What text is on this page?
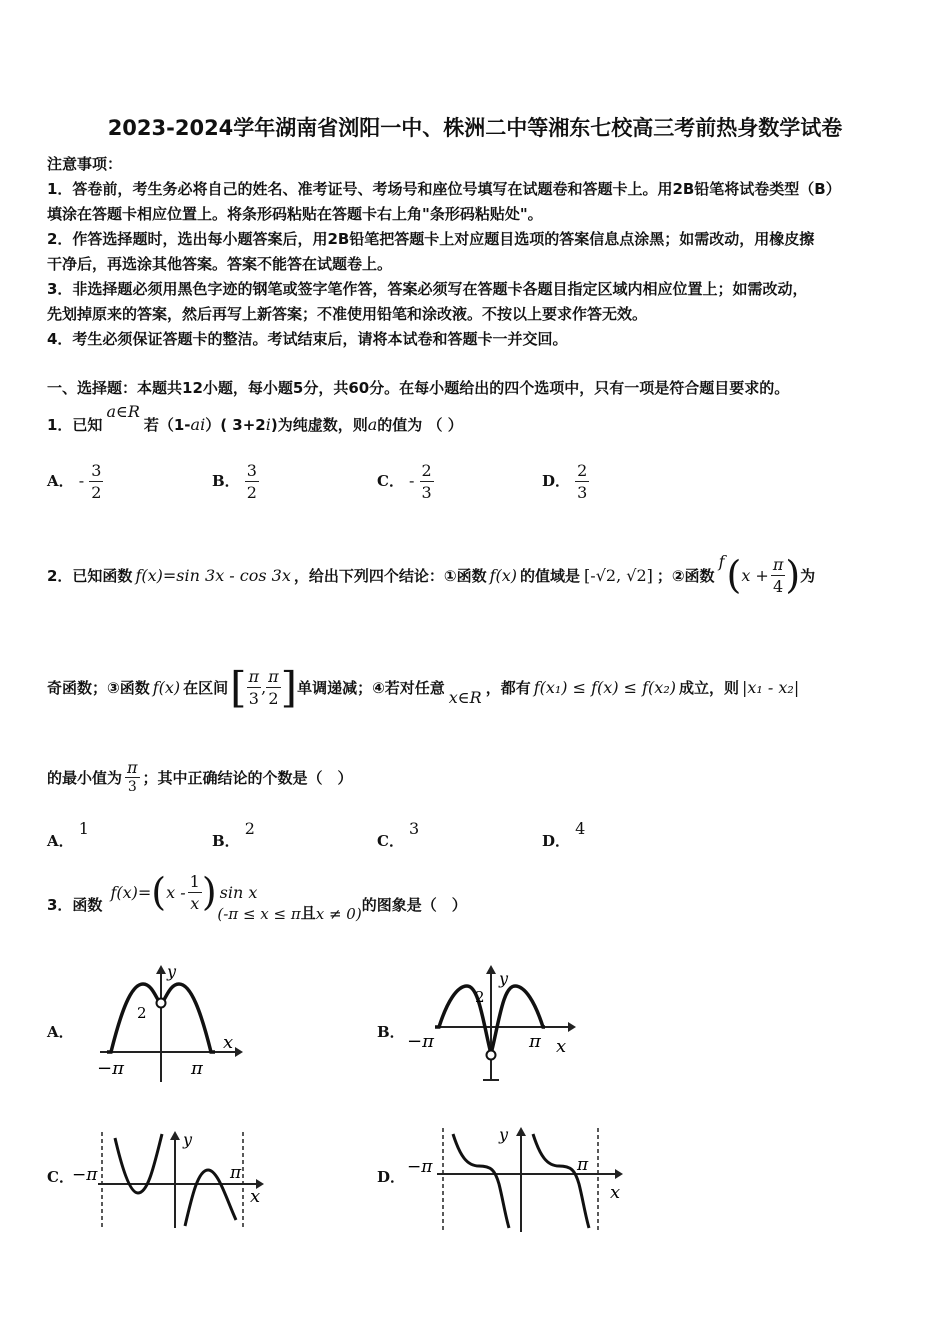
2023-2024学年湖南省浏阳一中、株洲二中等湘东七校高三考前热身数学试卷
注意事项：
1．答卷前，考生务必将自己的姓名、准考证号、考场号和座位号填写在试题卷和答题卡上。用2B铅笔将试卷类型（B）
填涂在答题卡相应位置上。将条形码粘贴在答题卡右上角"条形码粘贴处"。
2．作答选择题时，选出每小题答案后，用2B铅笔把答题卡上对应题目选项的答案信息点涂黑；如需改动，用橡皮擦
干净后，再选涂其他答案。答案不能答在试题卷上。
3．非选择题必须用黑色字迹的钢笔或签字笔作答，答案必须写在答题卡各题目指定区域内相应位置上；如需改动，
先划掉原来的答案，然后再写上新答案；不准使用铅笔和涂改液。不按以上要求作答无效。
4．考生必须保证答题卡的整洁。考试结束后，请将本试卷和答题卡一并交回。
一、选择题：本题共12小题，每小题5分，共60分。在每小题给出的四个选项中，只有一项是符合题目要求的。
1．已知a∈R若（1-ai）( 3+2i)为纯虚数，则a的值为 （ ）
A． - $\frac{3}{2}$	B． $\frac{3}{2}$	C． - $\frac{2}{3}$	D． $\frac{2}{3}$
2．已知函数 f(x)=sin 3x - cos 3x ，给出下列四个结论：①函数 f(x) 的值域是 [-√2, √2] ；②函数
f ( $x + \frac{\pi}{4}$ ) 为
奇函数；③函数 f(x) 在区间 [ $\frac{\pi}{3}$ , $\frac{\pi}{2}$ ] 单调递减；④若对任意 x∈R ，都有 f(x₁) ≤ f(x) ≤ f(x₂) 成立，则 |x₁ - x₂|
的最小值为 $\frac{\pi}{3}$ ；其中正确结论的个数是（　）
A． 1
B． 2
C． 3
D． 4
3．函数
f(x)= ( x - $\frac{1}{x}$ ) sin x
(-π ≤ x ≤ π 且 x ≠ 0)
的图象是（　）
A．	B．
C．	D．
y
x
2
−π	π
y
x
2
−π	π
y
x
−π	π
y
x
−π	π
